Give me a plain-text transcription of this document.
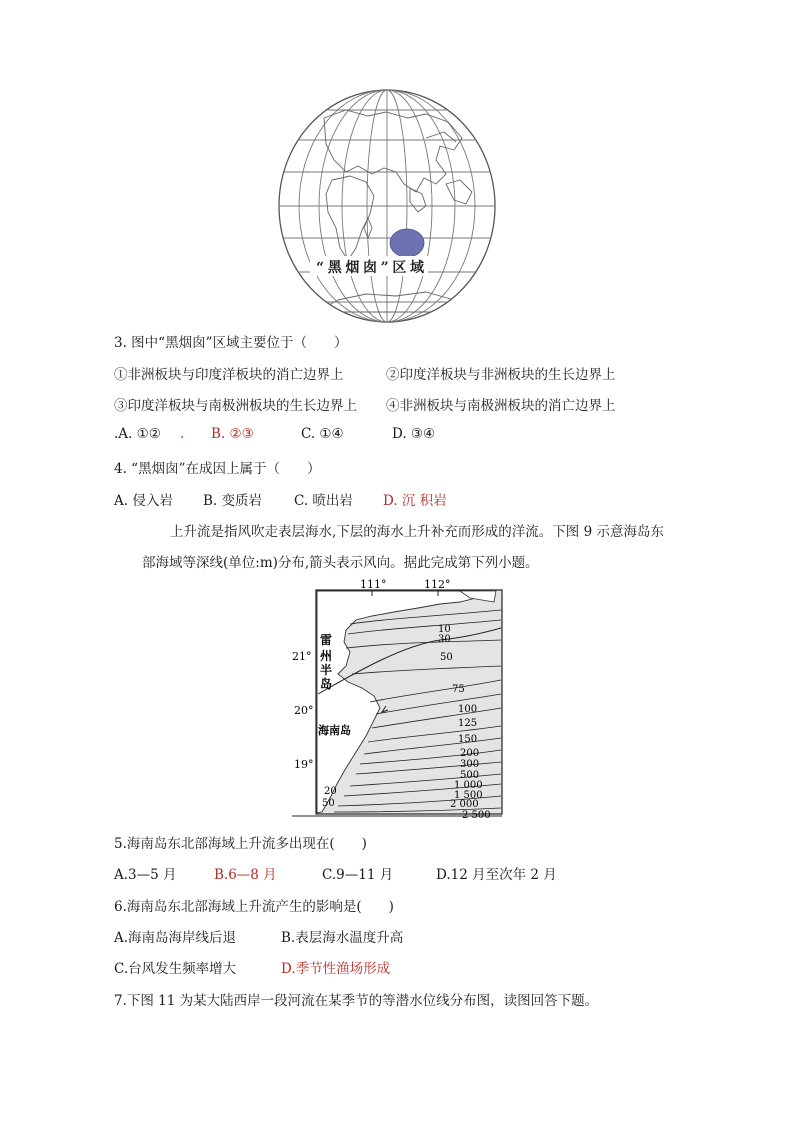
“黑烟囱”区域
3. 图中“黑烟囱”区域主要位于（　　）
①非洲板块与印度洋板块的消亡边界上	②印度洋板块与非洲板块的生长边界上
③印度洋板块与南极洲板块的生长边界上 ④非洲板块与南极洲板块的消亡边界上
.A. ①② . B. ②③	C. ①④	D. ③④
4. “黑烟囱”在成因上属于（　　）
A. 侵入岩 B. 变质岩 C. 喷出岩 D. 沉 积岩
上升流是指风吹走表层海水,下层的海水上升补充而形成的洋流。下图 9 示意海岛东
部海域等深线(单位:m)分布,箭头表示风向。据此完成第下列小题。
111°	112°
21°
20°
19°
雷
州
半
岛
海南岛
10
30
50
75
100
125
150
200
300
500
1 000
1 500
2 000
2 500
20
50
5.海南岛东北部海域上升流多出现在(　　)
A.3—5 月	B.6—8 月	C.9—11 月	D.12 月至次年 2 月
6.海南岛东北部海域上升流产生的影响是(　　)
A.海南岛海岸线后退	B.表层海水温度升高
C.台风发生频率增大	D.季节性渔场形成
7.下图 11 为某大陆西岸一段河流在某季节的等潜水位线分布图，读图回答下题。
